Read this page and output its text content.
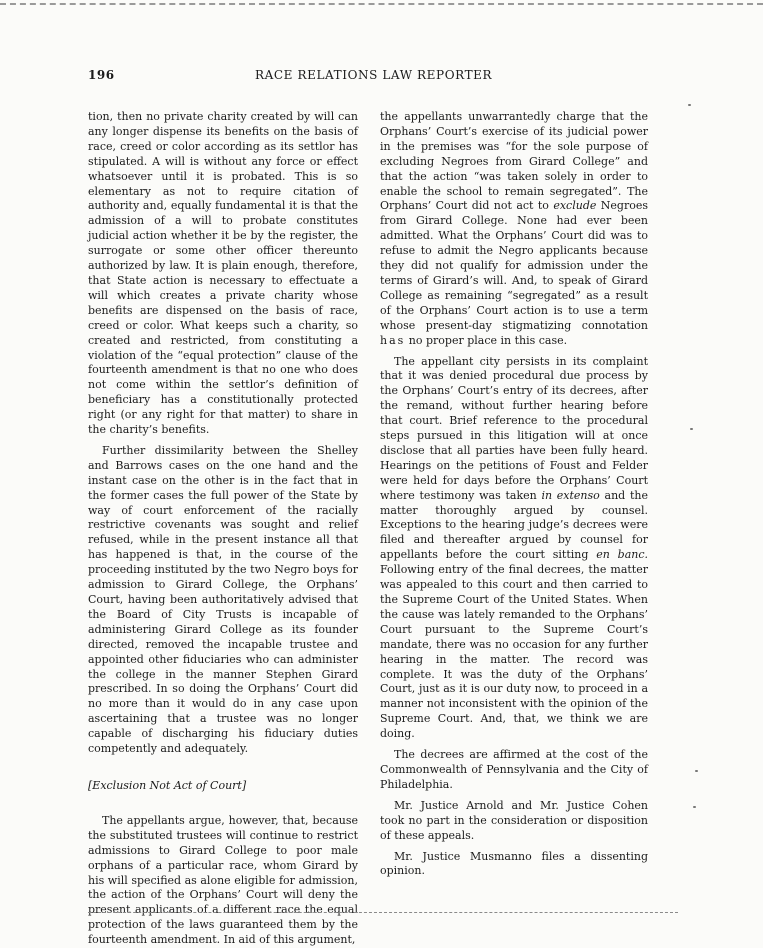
196	RACE RELATIONS LAW REPORTER

tion, then no private charity created by will can any longer dispense its benefits on the basis of race, creed or color according as its settlor has stipulated. A will is without any force or effect whatsoever until it is probated. This is so elementary as not to require citation of authority and, equally fundamental it is that the admission of a will to probate constitutes judicial action whether it be by the register, the surrogate or some other officer thereunto authorized by law. It is plain enough, therefore, that State action is necessary to effectuate a will which creates a private charity whose benefits are dispensed on the basis of race, creed or color. What keeps such a charity, so created and restricted, from constituting a violation of the “equal protection” clause of the fourteenth amendment is that no one who does not come within the settlor’s definition of beneficiary has a constitutionally protected right (or any right for that matter) to share in the charity’s benefits.

Further dissimilarity between the Shelley and Barrows cases on the one hand and the instant case on the other is in the fact that in the former cases the full power of the State by way of court enforcement of the racially restrictive covenants was sought and relief refused, while in the present instance all that has happened is that, in the course of the proceeding instituted by the two Negro boys for admission to Girard College, the Orphans’ Court, having been authoritatively advised that the Board of City Trusts is incapable of administering Girard College as its founder directed, removed the incapable trustee and appointed other fiduciaries who can administer the college in the manner Stephen Girard prescribed. In so doing the Orphans’ Court did no more than it would do in any case upon ascertaining that a trustee was no longer capable of discharging his fiduciary duties competently and adequately.

[Exclusion Not Act of Court]

The appellants argue, however, that, because the substituted trustees will continue to restrict admissions to Girard College to poor male orphans of a particular race, whom Girard by his will specified as alone eligible for admission, the action of the Orphans’ Court will deny the present applicants of a different race the equal protection of the laws guaranteed them by the fourteenth amendment. In aid of this argument,

the appellants unwarrantedly charge that the Orphans’ Court’s exercise of its judicial power in the premises was “for the sole purpose of excluding Negroes from Girard College” and that the action “was taken solely in order to enable the school to remain segregated”. The Orphans’ Court did not act to exclude Negroes from Girard College. None had ever been admitted. What the Orphans’ Court did was to refuse to admit the Negro applicants because they did not qualify for admission under the terms of Girard’s will. And, to speak of Girard College as remaining “segregated” as a result of the Orphans’ Court action is to use a term whose present-day stigmatizing connotation has no proper place in this case.

The appellant city persists in its complaint that it was denied procedural due process by the Orphans’ Court’s entry of its decrees, after the remand, without further hearing before that court. Brief reference to the procedural steps pursued in this litigation will at once disclose that all parties have been fully heard. Hearings on the petitions of Foust and Felder were held for days before the Orphans’ Court where testimony was taken in extenso and the matter thoroughly argued by counsel. Exceptions to the hearing judge’s decrees were filed and thereafter argued by counsel for appellants before the court sitting en banc. Following entry of the final decrees, the matter was appealed to this court and then carried to the Supreme Court of the United States. When the cause was lately remanded to the Orphans’ Court pursuant to the Supreme Court’s mandate, there was no occasion for any further hearing in the matter. The record was complete. It was the duty of the Orphans’ Court, just as it is our duty now, to proceed in a manner not inconsistent with the opinion of the Supreme Court. And, that, we think we are doing.

The decrees are affirmed at the cost of the Commonwealth of Pennsylvania and the City of Philadelphia.

Mr. Justice Arnold and Mr. Justice Cohen took no part in the consideration or disposition of these appeals.

Mr. Justice Musmanno files a dissenting opinion.
